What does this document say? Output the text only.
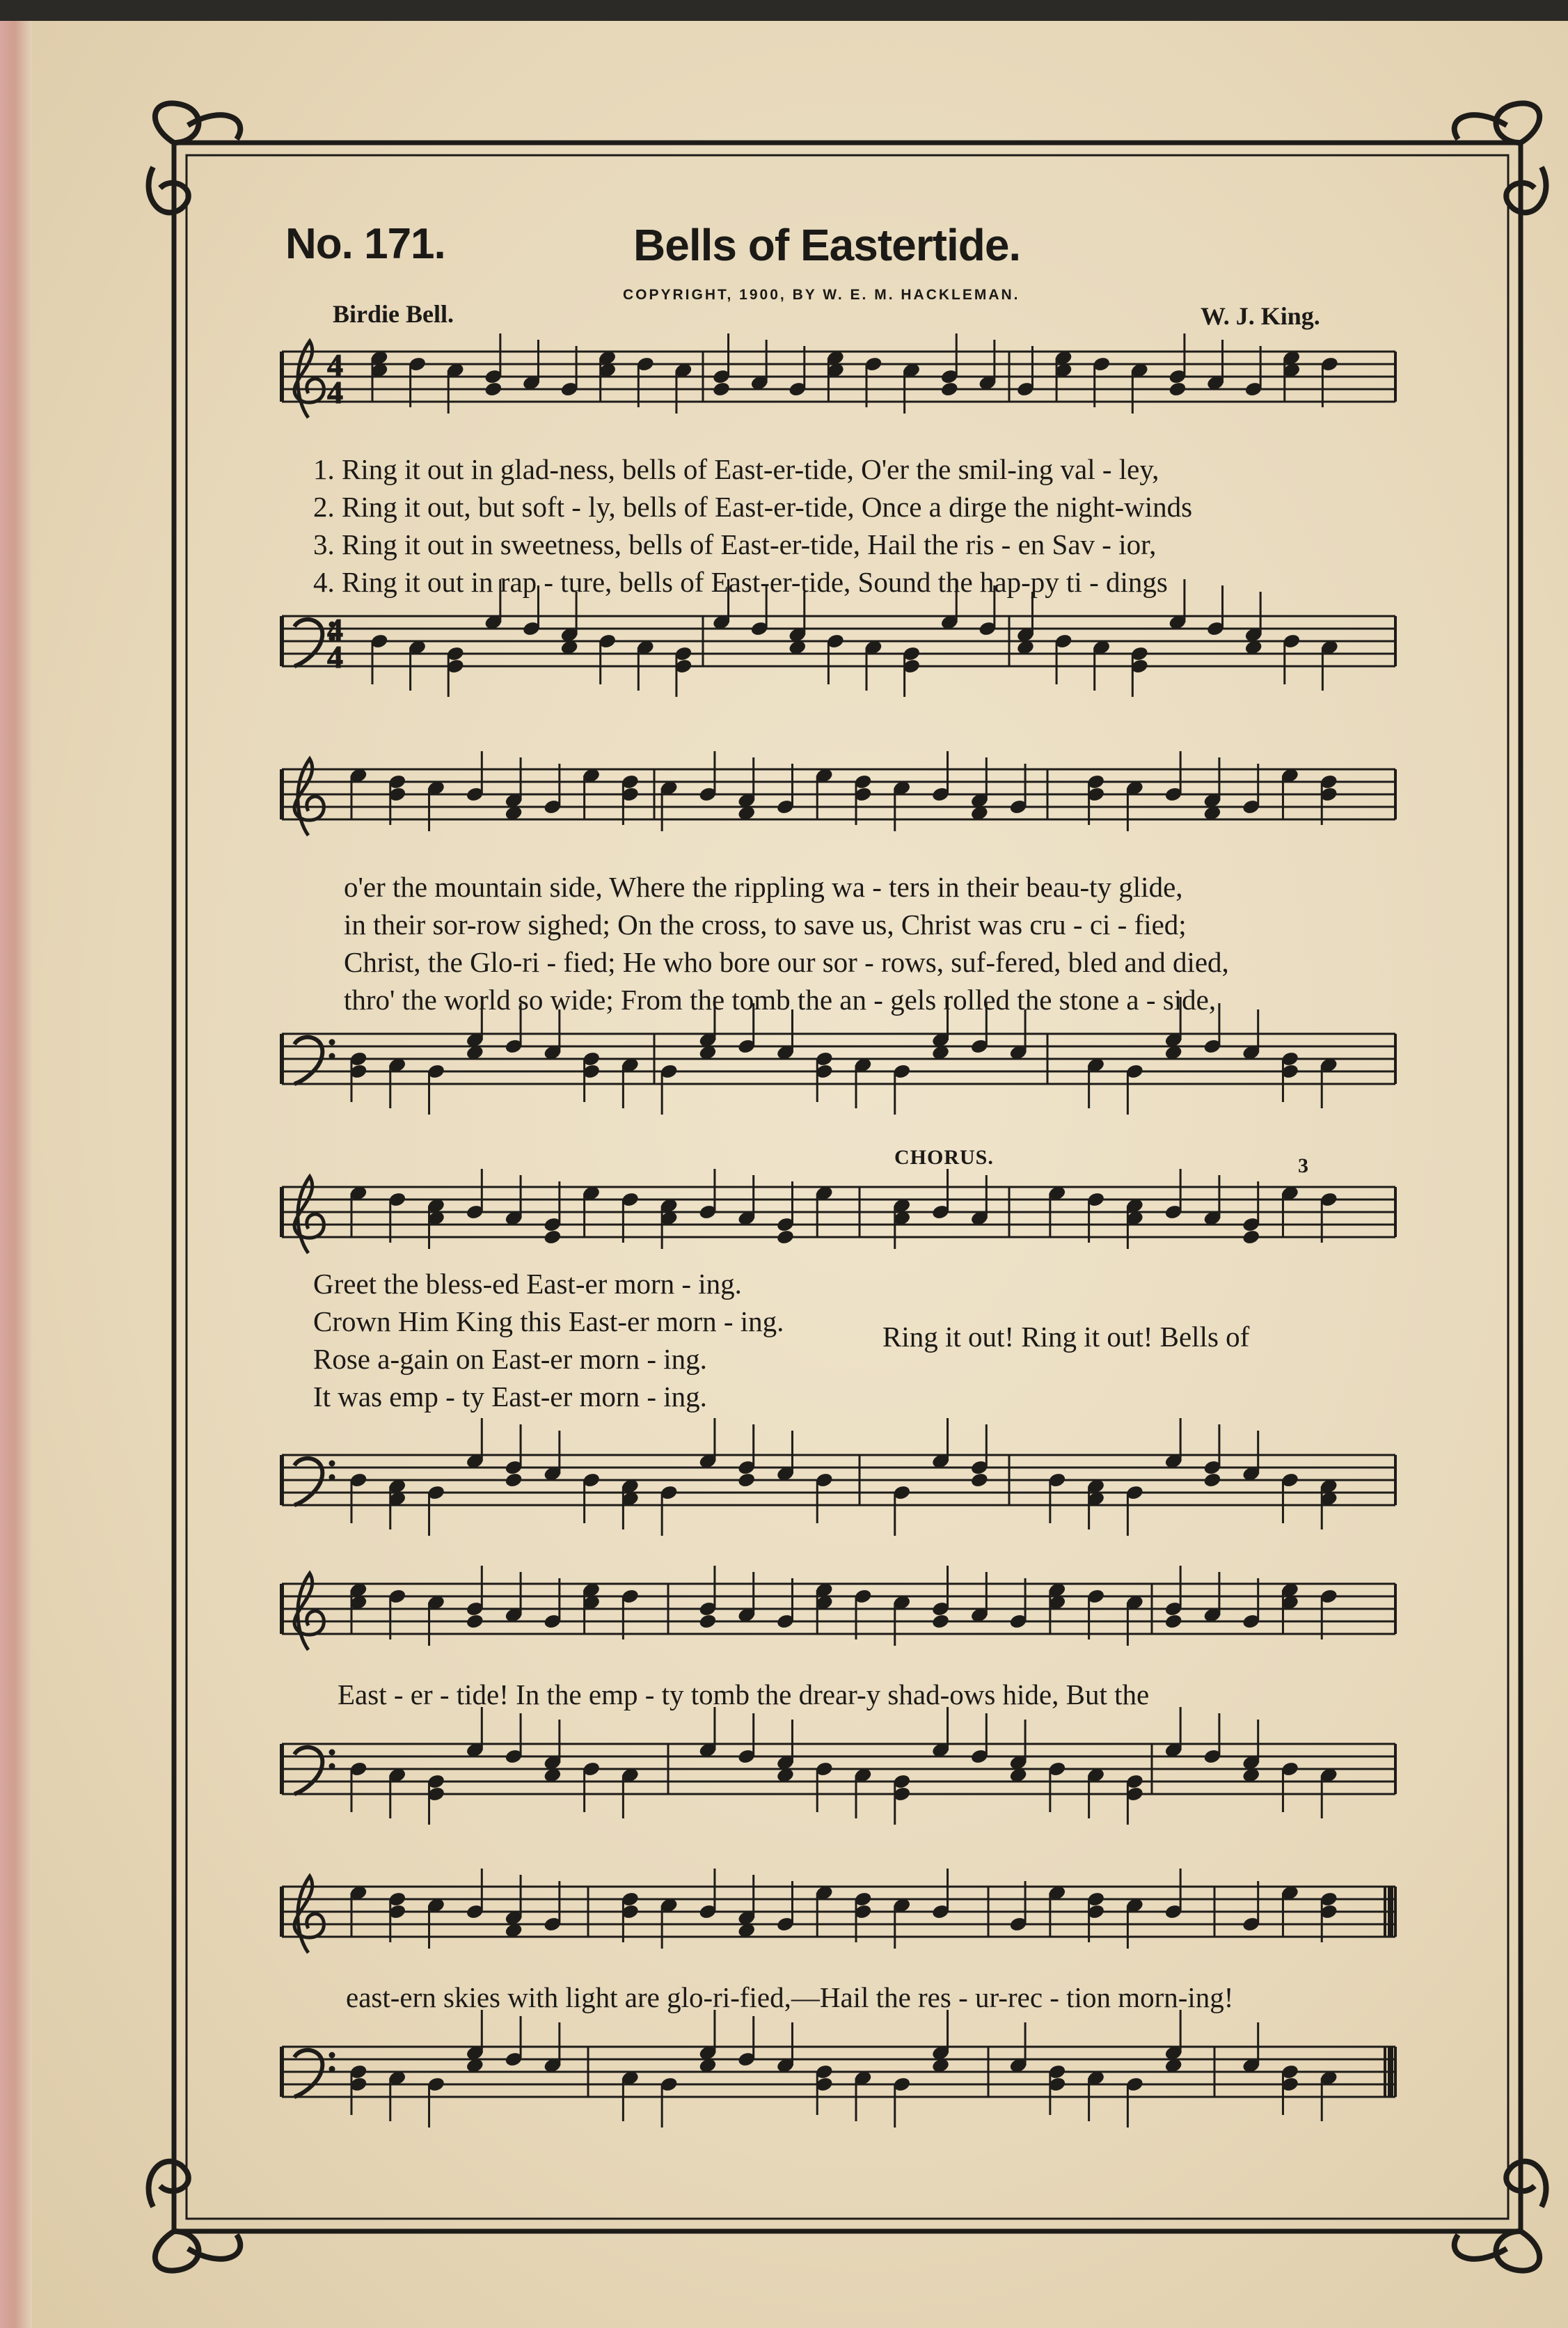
4
4
4
4
No. 171.	Bells of Eastertide.
COPYRIGHT, 1900, BY W. E. M. HACKLEMAN.
Birdie Bell.	W. J. King.
1. Ring it out in glad-ness, bells of East-er-tide, O'er the smil-ing val - ley,
2. Ring it out, but soft - ly, bells of East-er-tide, Once a dirge the night-winds
3. Ring it out in sweetness, bells of East-er-tide, Hail the ris - en Sav - ior,
4. Ring it out in rap - ture, bells of East-er-tide, Sound the hap-py ti - dings
o'er the mountain side, Where the rippling wa - ters in their beau-ty glide,
in their sor-row sighed; On the cross, to save us, Christ was cru - ci - fied;
Christ, the Glo-ri - fied; He who bore our sor - rows, suf-fered, bled and died,
thro' the world so wide; From the tomb the an - gels rolled the stone a - side,
Greet the bless-ed East-er morn - ing.
Crown Him King this East-er morn - ing.
Rose a-gain on East-er morn - ing.
It was emp - ty East-er morn - ing.
CHORUS.	3
Ring it out! Ring it out! Bells of
East - er - tide! In the emp - ty tomb the drear-y shad-ows hide, But the
east-ern skies with light are glo-ri-fied,—Hail the res - ur-rec - tion morn-ing!
